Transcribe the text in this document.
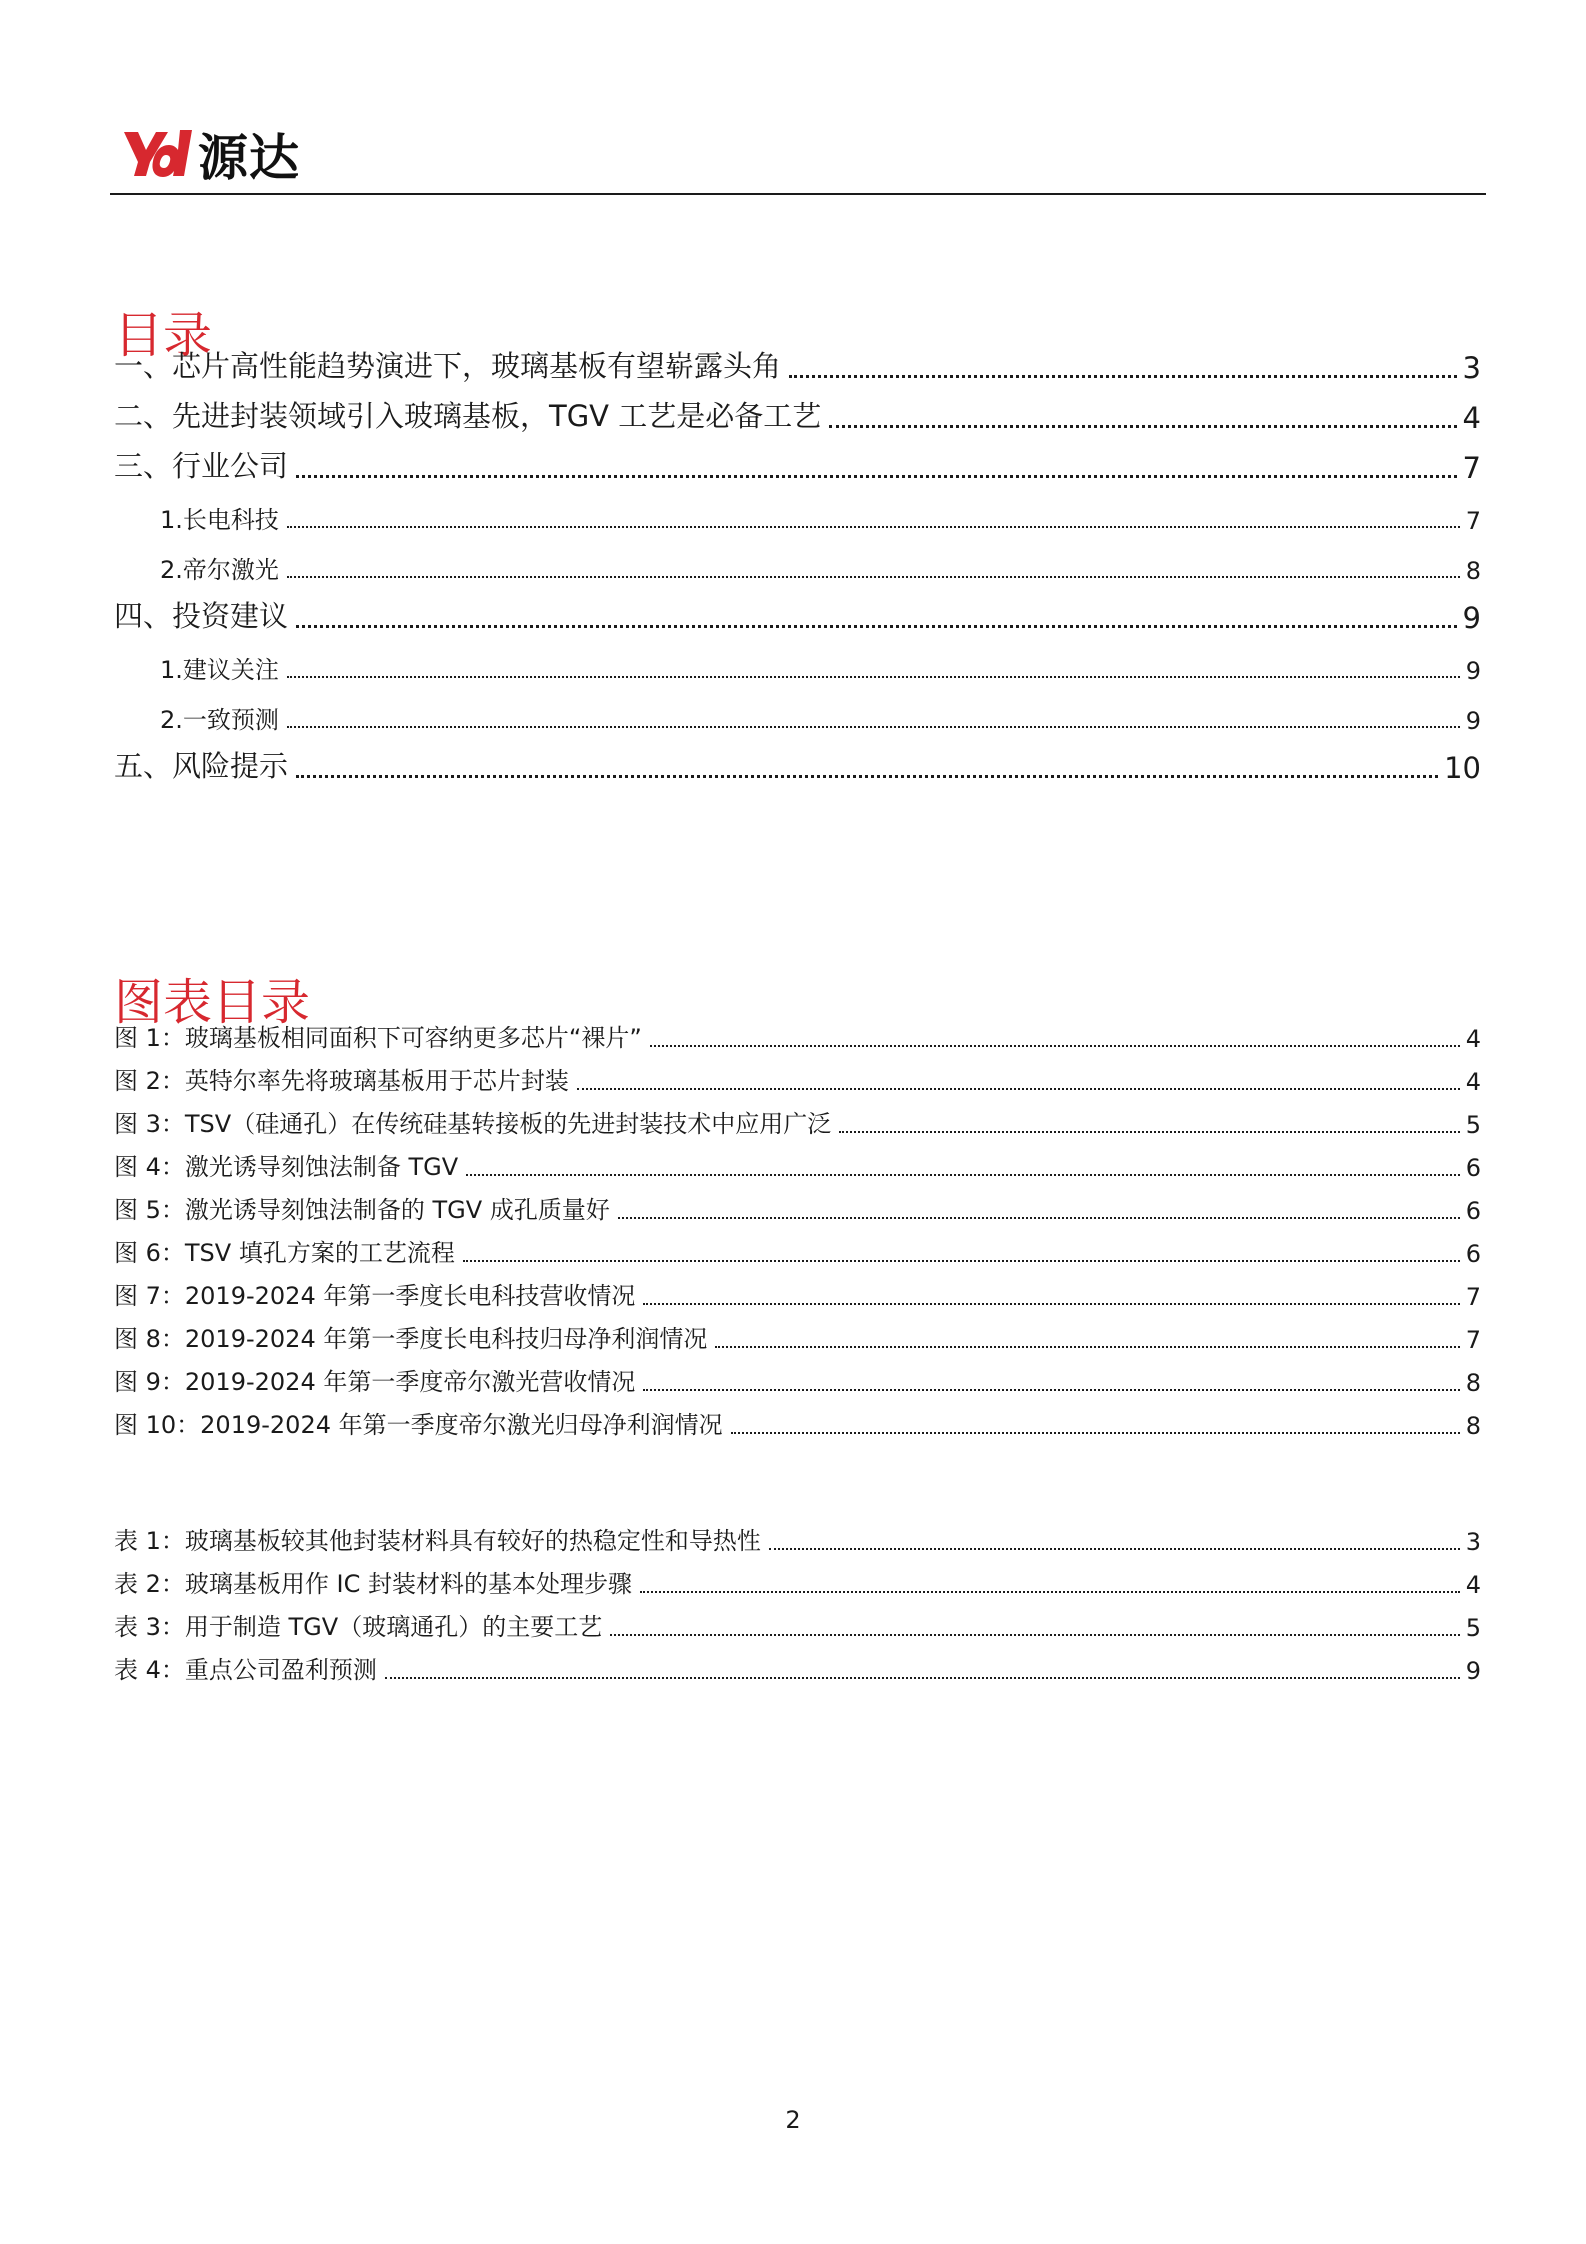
源达
目录
一、芯片高性能趋势演进下，玻璃基板有望崭露头角	3
二、先进封装领域引入玻璃基板，TGV 工艺是必备工艺	4
三、行业公司	7
1.长电科技	7
2.帝尔激光	8
四、投资建议	9
1.建议关注	9
2.一致预测	9
五、风险提示	10
图表目录
图 1：玻璃基板相同面积下可容纳更多芯片“裸片”	4
图 2：英特尔率先将玻璃基板用于芯片封装	4
图 3：TSV（硅通孔）在传统硅基转接板的先进封装技术中应用广泛	5
图 4：激光诱导刻蚀法制备 TGV	6
图 5：激光诱导刻蚀法制备的 TGV 成孔质量好	6
图 6：TSV 填孔方案的工艺流程	6
图 7：2019-2024 年第一季度长电科技营收情况	7
图 8：2019-2024 年第一季度长电科技归母净利润情况	7
图 9：2019-2024 年第一季度帝尔激光营收情况	8
图 10：2019-2024 年第一季度帝尔激光归母净利润情况	8
表 1：玻璃基板较其他封装材料具有较好的热稳定性和导热性	3
表 2：玻璃基板用作 IC 封装材料的基本处理步骤	4
表 3：用于制造 TGV（玻璃通孔）的主要工艺	5
表 4：重点公司盈利预测	9
2
